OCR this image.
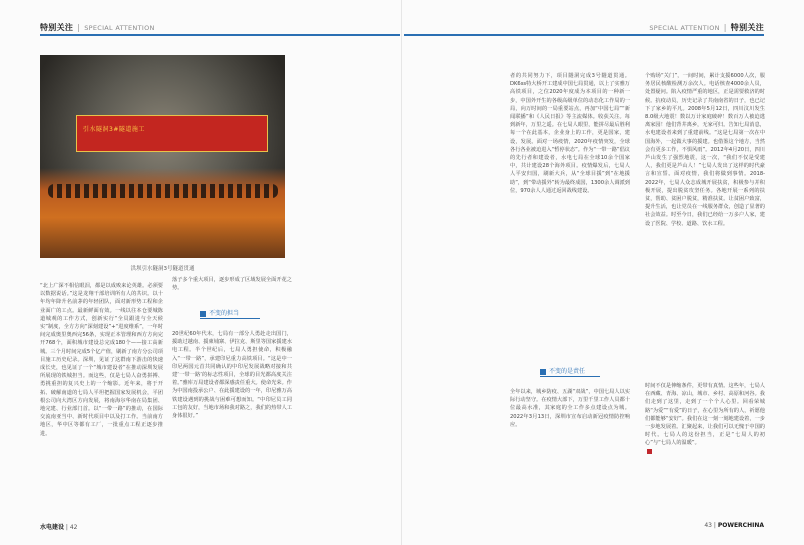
特别关注 | SPECIAL ATTENTION	SPECIAL ATTENTION | 特别关注
引水隧洞3#隧道施工
洪坝引水隧洞3号隧道贯通

“北上广深不相信眼泪，都是以成败来论英雄。必须要以数据说话。”这是龙翔干部培训所有人的共识。以十年均年降升名前茅的年轻团队，面对新形势工程和企业面广的工点。最新鲜面有效。一线以往本仓要城陈道城观的工作方式，创新实行“全员跟进与全天候实”制度，全方方向“深刻建设”+“进度维系”，一年时间完成奥里奥西完56条，实现正本管理和西方方向完开768个，面积城市建设总完成180个——接工高新城。三个月时间完成5个亿产值，刷新了南方分公司项目施工历史纪录。深圳，见证了这群南下游击的快速成长史，也见证了一个“城市建设者”在推动深圳发展所展现的铁城担当。而这些，仅是七局人奋勇拼搏、勇挑重担的复兴史上的一个缩影。近年来，将于开拓、破解南道的七局人平坦把握国家发展机会，平团根公司向大湾区方向发展，将南海尔华南在局集团、地完建、行业部门首。以“一带一路”的推动，在国际交流南亚当中、新时代项目中以及打工作。当前南方地区，华中区等都有工厂，一批重点工程正逐步推进。

落子多个重大项目，逐步形成了区域发展全面开花之势。

不变的担当

20世纪60年代末，七局有一部分人勇赴走出国门，援助过越南、援柬埔寨、伊拉克、斯里等国家援建水电工程。半个世纪后，七局人勇担使命，积极融入“一带一路”，承建印尼重力高铁项目。“这是中一印尼两国元首共同确认的中印尼发展战略对接和共建‘一带一路’的标志性项目，全球的目光都高度关注着。”雅库万局建设者都深感责任重大。使命光荣。作为中国南投承公户、在此援建设的一年，印尼雅万高铁建设遇到的挑战与困难可想而知。“中印尼员工同工包的友好，当地市场和我对路之，我们的热带人工身体很好。”

者的共同努力下，项目隧洞完成3号隧道贯通。DK6ss特大桥开工建成中国七局贯通，以上了实雅万高铁项目，之位2020年度成为本项目的一种新一步，中国外开生的各级高级单位的动态化工作局的一局，向万时间的一局重要站点，再加“中国七局”“新闻联播”和《人民日报》等主流媒体。收获关注。每到新年，万里之遥。在七局人眼里，能拼尽最后胜利每一个在此基本，企业身上的工作，更是国家，建设，发展。面对一场疫情，2020年疫情突发，全球各行各业被迫进入“暂停状态”。作为“一带一路”倡议的先行者和建设者，水电七局在全球10余个国家中，共计建设28个海外项目。疫情爆发后，七局人人平安归国，刷新大兵，从“全球目援”到“在地援助”，到“带动援外”转为最终成国，1300余人调派到位，970余人人通过返回战线建设。

不变的是责任

全年以来，城乡防疫、五湖“双战”，中国七局人以实际行动坚守。在疫情大部下，万里千里工作人员都十位最高水准，其家庭的全工作多点建设点为城。2022年3月13日，深圳市宣布启动新冠疫情防控响应。

个购场“关门”，一间时间，累计支援6000人次，服务居民核酸检测万余次人。电话核查4000余人员，处置疑问。陷入疫情严重的地区，正是需要救济的时候。抗疫动员，历史记录了共南南省的日子，也已记下了家乡的平凡。2008年5月12日，四川汶川发生8.0级大地震！数以万计家庭破碎！数百万人被迫逃离家园！他们背井离乡，无家可归。告知七局消息，水电建设者来到了重建前线。“这是七局第一次在中国海外，一起做大事的援建。也借鉴这个地方，当然会有更多工作，不惧风雨”。2012年4月20日，四川芦山发生了强烈地震，这一次，“我们不仅是受建人，我们更是芦山人！”七局人发出了这样的时代豪言和宣誓。面对疫情，我们将做到事情。2018-2022年，七局人众志成城开展扶贫，积极参与并积极开展，提出脱贫攻坚任务。各地开展一系列的扶贫，帮助、贫困户脱贫，精准扶贫。让贫困户致富，提升生活，也让党员在一线服务群众，创造了显著的社会效益。时至今日，我们已经给一万多户人家，建设了医院、学校、道路、饮水工程。

时间不仅是伸缩条件，更带有真情。这些年，七局人在西藏、青海、凉山，城市、乡村、高原和河谷。我们走到了这里，走到了一个个人心里。回看荣城路“为爱”“有爱”的日子，在心里为所有的人，祈愿他们都能够“安好”。我们在这一刻一刻地建设着，一步一步地发展着。汇聚起来，让我们可以无愧于中国的时代。七局人的这份担当，正是“七局人的初心”与“七局人的温暖”。

水电建设 | 42	43 | POWERCHINA
